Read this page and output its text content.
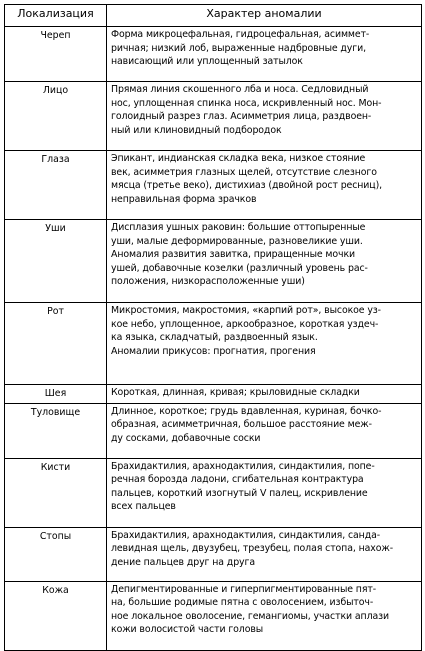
Локализация	Характер аномалии
Череп	Форма микроцефальная, гидроцефальная, асиммет-
ричная; низкий лоб, выраженные надбровные дуги,
нависающий или уплощенный затылок

Лицо	Прямая линия скошенного лба и носа. Седловидный
нос, уплощенная спинка носа, искривленный нос. Мон-
голоидный разрез глаз. Асимметрия лица, раздвоен-
ный или клиновидный подбородок

Глаза	Эпикант, индианская складка века, низкое стояние
век, асимметрия глазных щелей, отсутствие слезного
мясца (третье веко), дистихиаз (двойной рост ресниц),
неправильная форма зрачков

Уши	Дисплазия ушных раковин: большие оттопыренные
уши, малые деформированные, разновеликие уши.
Аномалия развития завитка, приращенные мочки
ушей, добавочные козелки (различный уровень рас-
положения, низкорасположенные уши)

Рот	Микростомия, макростомия, «карпий рот», высокое уз-
кое небо, уплощенное, аркообразное, короткая уздеч-
ка языка, складчатый, раздвоенный язык.
Аномалии прикусов: прогнатия, прогения

Шея	Короткая, длинная, кривая; крыловидные складки

Туловище	Длинное, короткое; грудь вдавленная, куриная, бочко-
образная, асимметричная, большое расстояние меж-
ду сосками, добавочные соски

Кисти	Брахидактилия, арахнодактилия, синдактилия, попе-
речная борозда ладони, сгибательная контрактура
пальцев, короткий изогнутый V палец, искривление
всех пальцев

Стопы	Брахидактилия, арахнодактилия, синдактилия, санда-
левидная щель, двузубец, трезубец, полая стопа, нахож-
дение пальцев друг на друга

Кожа	Депигментированные и гиперпигментированные пят-
на, большие родимые пятна с оволосением, избыточ-
ное локальное оволосение, гемангиомы, участки аплази
кожи волосистой части головы
